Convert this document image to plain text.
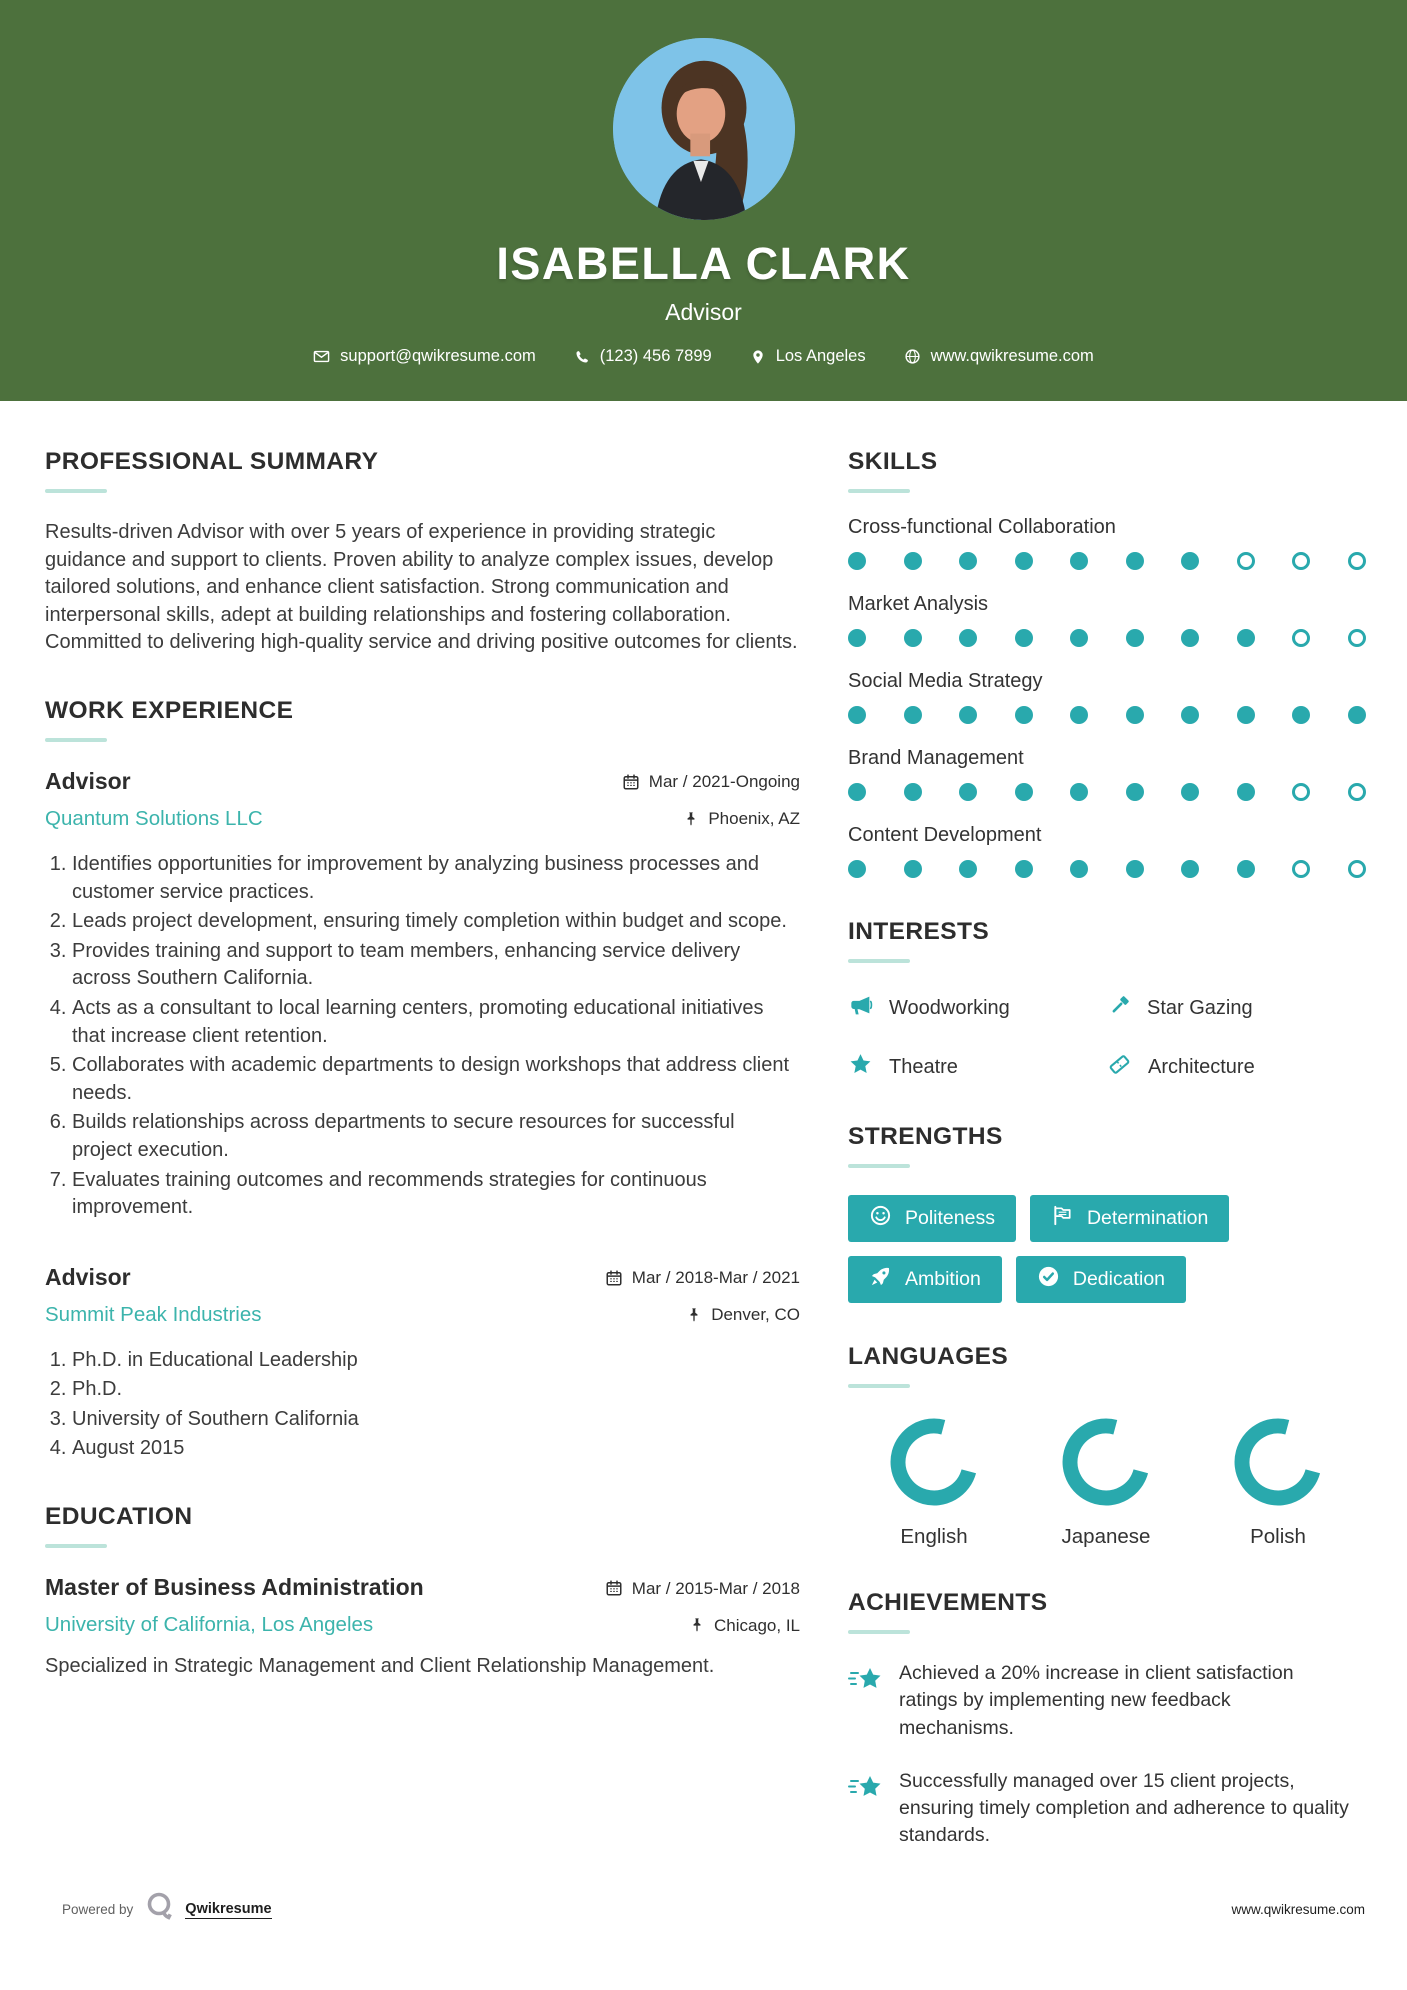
ISABELLA CLARK
Advisor
support@qwikresume.com	(123) 456 7899	Los Angeles	www.qwikresume.com
PROFESSIONAL SUMMARY

Results-driven Advisor with over 5 years of experience in providing strategic guidance and support to clients. Proven ability to analyze complex issues, develop tailored solutions, and enhance client satisfaction. Strong communication and interpersonal skills, adept at building relationships and fostering collaboration. Committed to delivering high-quality service and driving positive outcomes for clients.

WORK EXPERIENCE
Advisor	Mar / 2021-Ongoing
Quantum Solutions LLC	Phoenix, AZ
1. Identifies opportunities for improvement by analyzing business processes and customer service practices.
2. Leads project development, ensuring timely completion within budget and scope.
3. Provides training and support to team members, enhancing service delivery across Southern California.
4. Acts as a consultant to local learning centers, promoting educational initiatives that increase client retention.
5. Collaborates with academic departments to design workshops that address client needs.
6. Builds relationships across departments to secure resources for successful project execution.
7. Evaluates training outcomes and recommends strategies for continuous improvement.
Advisor	Mar / 2018-Mar / 2021
Summit Peak Industries	Denver, CO
1. Ph.D. in Educational Leadership
2. Ph.D.
3. University of Southern California
4. August 2015
EDUCATION
Master of Business Administration	Mar / 2015-Mar / 2018
University of California, Los Angeles	Chicago, IL

Specialized in Strategic Management and Client Relationship Management.

SKILLS
Cross-functional Collaboration
Market Analysis
Social Media Strategy
Brand Management
Content Development
INTERESTS
Woodworking	Star Gazing
Theatre	Architecture
STRENGTHS
Politeness	Determination
Ambition	Dedication
LANGUAGES
English	Japanese	Polish
ACHIEVEMENTS
Achieved a 20% increase in client satisfaction ratings by implementing new feedback mechanisms.
Successfully managed over 15 client projects, ensuring timely completion and adherence to quality standards.
Powered by	Qwikresume	www.qwikresume.com
